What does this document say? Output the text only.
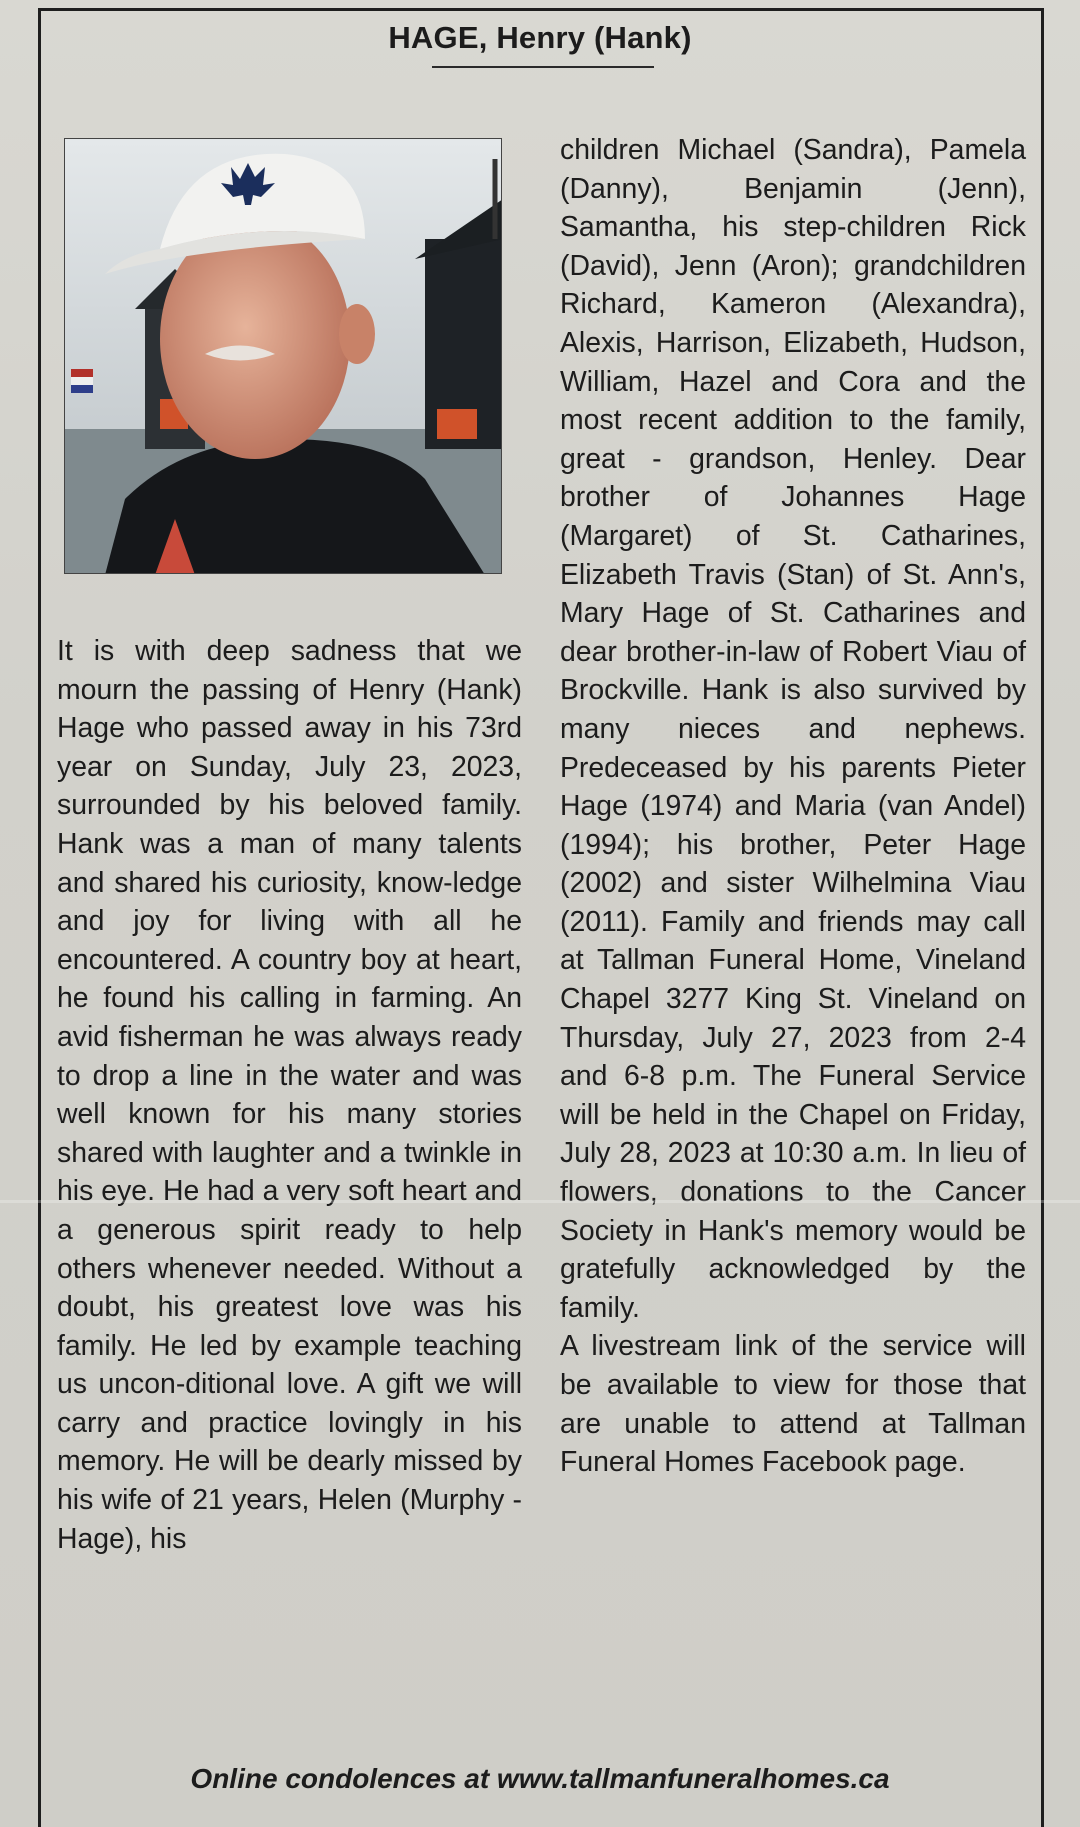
HAGE, Henry (Hank)

It is with deep sadness that we mourn the passing of Henry (Hank) Hage who passed away in his 73rd year on Sunday, July 23, 2023, surrounded by his beloved family. Hank was a man of many talents and shared his curiosity, know-ledge and joy for living with all he encountered. A country boy at heart, he found his calling in farming. An avid fisherman he was always ready to drop a line in the water and was well known for his many stories shared with laughter and a twinkle in his eye. He had a very soft heart and a generous spirit ready to help others whenever needed. Without a doubt, his greatest love was his family. He led by example teaching us uncon-ditional love. A gift we will carry and practice lovingly in his memory. He will be dearly missed by his wife of 21 years, Helen (Murphy - Hage), his

children Michael (Sandra), Pamela (Danny), Benjamin (Jenn), Samantha, his step-children Rick (David), Jenn (Aron); grandchildren Richard, Kameron (Alexandra), Alexis, Harrison, Elizabeth, Hudson, William, Hazel and Cora and the most recent addition to the family, great - grandson, Henley. Dear brother of Johannes Hage (Margaret) of St. Catharines, Elizabeth Travis (Stan) of St. Ann's, Mary Hage of St. Catharines and dear brother-in-law of Robert Viau of Brockville. Hank is also survived by many nieces and nephews. Predeceased by his parents Pieter Hage (1974) and Maria (van Andel) (1994); his brother, Peter Hage (2002) and sister Wilhelmina Viau (2011). Family and friends may call at Tallman Funeral Home, Vineland Chapel 3277 King St. Vineland on Thursday, July 27, 2023 from 2-4 and 6-8 p.m. The Funeral Service will be held in the Chapel on Friday, July 28, 2023 at 10:30 a.m. In lieu of flowers, donations to the Cancer Society in Hank's memory would be gratefully acknowledged by the family.

A livestream link of the service will be available to view for those that are unable to attend at Tallman Funeral Homes Facebook page.

Online condolences at www.tallmanfuneralhomes.ca
